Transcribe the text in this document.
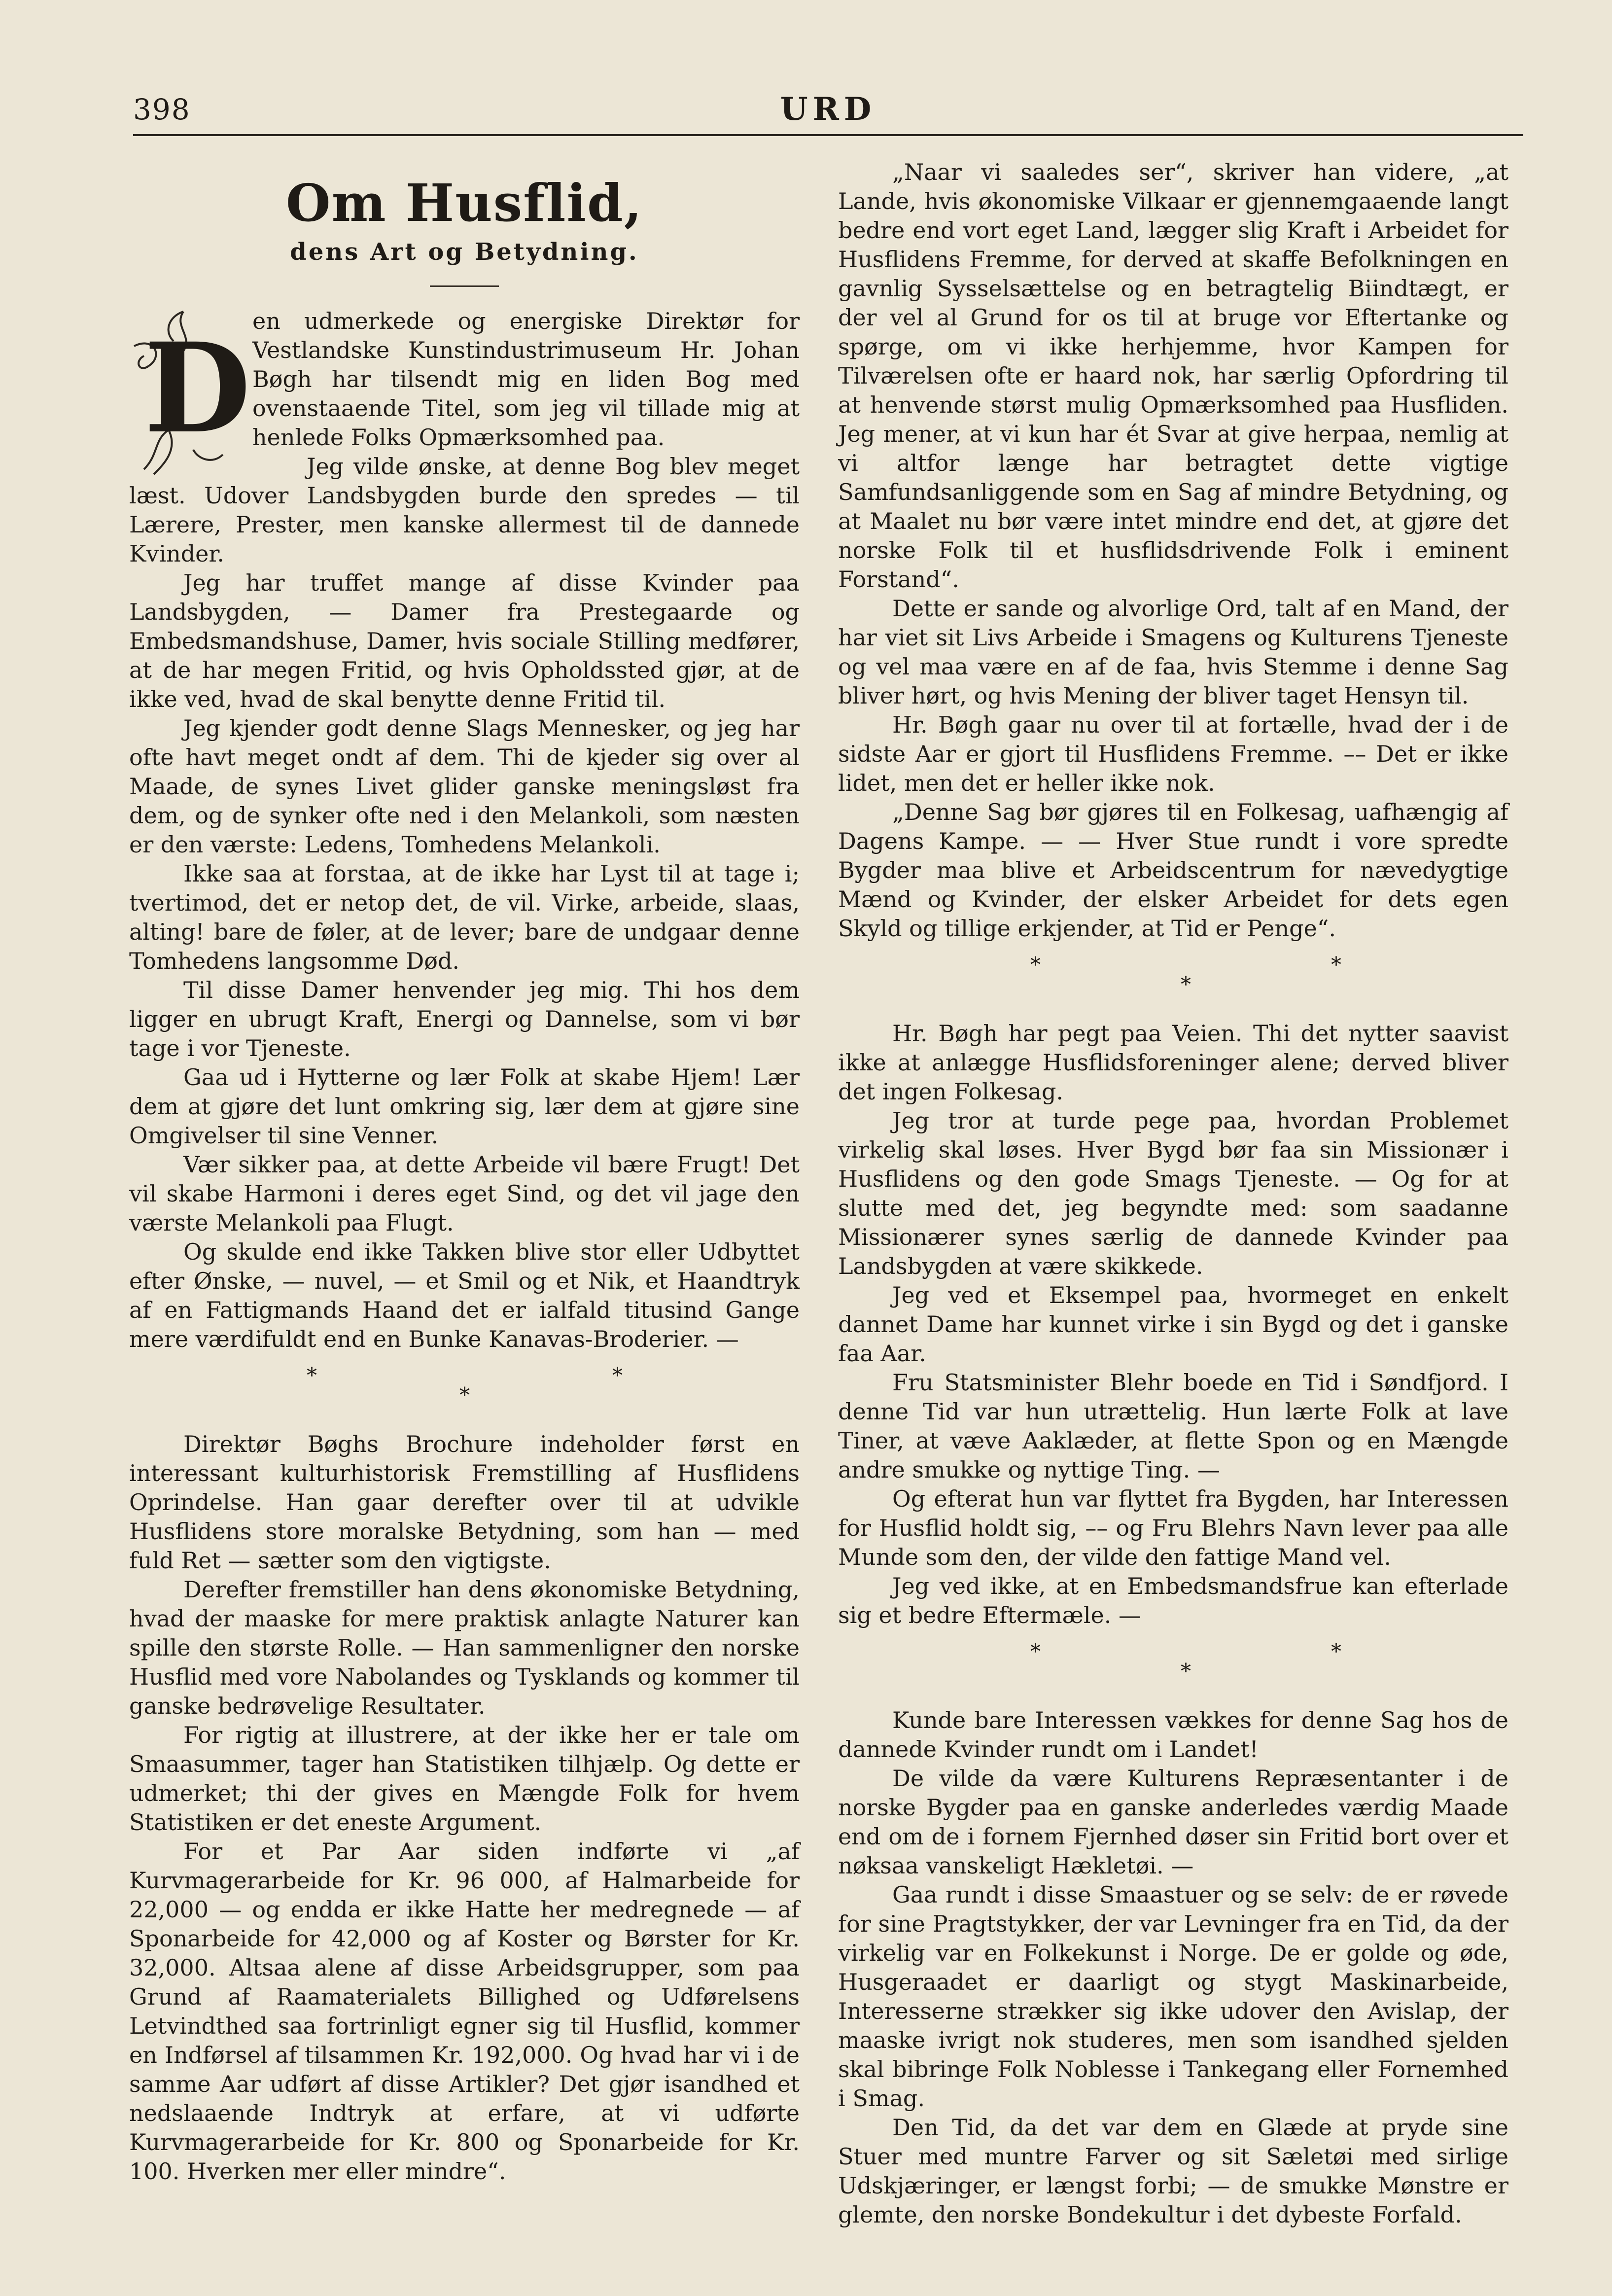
398	URD
Om Husflid,
dens Art og Betydning.
D en udmerkede og energiske Direktør for Vestlandske Kunstindustrimuseum Hr. Johan Bøgh har tilsendt mig en liden Bog med ovenstaaende Titel, som jeg vil tillade mig at henlede Folks Opmærksomhed paa.

Jeg vilde ønske, at denne Bog blev meget læst. Udover Landsbygden burde den spredes — til Lærere, Prester, men kanske allermest til de dannede Kvinder.

Jeg har truffet mange af disse Kvinder paa Landsbygden, — Damer fra Prestegaarde og Embedsmandshuse, Damer, hvis sociale Stilling medfører, at de har megen Fritid, og hvis Opholdssted gjør, at de ikke ved, hvad de skal benytte denne Fritid til.

Jeg kjender godt denne Slags Mennesker, og jeg har ofte havt meget ondt af dem. Thi de kjeder sig over al Maade, de synes Livet glider ganske meningsløst fra dem, og de synker ofte ned i den Melankoli, som næsten er den værste: Ledens, Tomhedens Melankoli.

Ikke saa at forstaa, at de ikke har Lyst til at tage i; tvertimod, det er netop det, de vil. Virke, arbeide, slaas, alting! bare de føler, at de lever; bare de undgaar denne Tomhedens langsomme Død.

Til disse Damer henvender jeg mig. Thi hos dem ligger en ubrugt Kraft, Energi og Dannelse, som vi bør tage i vor Tjeneste.

Gaa ud i Hytterne og lær Folk at skabe Hjem! Lær dem at gjøre det lunt omkring sig, lær dem at gjøre sine Omgivelser til sine Venner.

Vær sikker paa, at dette Arbeide vil bære Frugt! Det vil skabe Harmoni i deres eget Sind, og det vil jage den værste Melankoli paa Flugt.

Og skulde end ikke Takken blive stor eller Udbyttet efter Ønske, — nuvel, — et Smil og et Nik, et Haandtryk af en Fattigmands Haand det er ialfald titusind Gange mere værdifuldt end en Bunke Kanavas-Broderier. —

*	*
*

Direktør Bøghs Brochure indeholder først en interessant kulturhistorisk Fremstilling af Husflidens Oprindelse. Han gaar derefter over til at udvikle Husflidens store moralske Betydning, som han — med fuld Ret — sætter som den vigtigste.

Derefter fremstiller han dens økonomiske Betydning, hvad der maaske for mere praktisk anlagte Naturer kan spille den største Rolle. — Han sammenligner den norske Husflid med vore Nabolandes og Tysklands og kommer til ganske bedrøvelige Resultater.

For rigtig at illustrere, at der ikke her er tale om Smaasummer, tager han Statistiken tilhjælp. Og dette er udmerket; thi der gives en Mængde Folk for hvem Statistiken er det eneste Argument.

For et Par Aar siden indførte vi „af Kurvmagerarbeide for Kr. 96 000, af Halmarbeide for 22,000 — og endda er ikke Hatte her medregnede — af Sponarbeide for 42,000 og af Koster og Børster for Kr. 32,000. Altsaa alene af disse Arbeidsgrupper, som paa Grund af Raamaterialets Billighed og Udførelsens Letvindthed saa fortrinligt egner sig til Husflid, kommer en Indførsel af tilsammen Kr. 192,000. Og hvad har vi i de samme Aar udført af disse Artikler? Det gjør isandhed et nedslaaende Indtryk at erfare, at vi udførte Kurvmagerarbeide for Kr. 800 og Sponarbeide for Kr. 100. Hverken mer eller mindre“.

„Naar vi saaledes ser“, skriver han videre, „at Lande, hvis økonomiske Vilkaar er gjennemgaaende langt bedre end vort eget Land, lægger slig Kraft i Arbeidet for Husflidens Fremme, for derved at skaffe Befolkningen en gavnlig Sysselsættelse og en betragtelig Biindtægt, er der vel al Grund for os til at bruge vor Eftertanke og spørge, om vi ikke herhjemme, hvor Kampen for Tilværelsen ofte er haard nok, har særlig Opfordring til at henvende størst mulig Opmærksomhed paa Husfliden. Jeg mener, at vi kun har ét Svar at give herpaa, nemlig at vi altfor længe har betragtet dette vigtige Samfundsanliggende som en Sag af mindre Betydning, og at Maalet nu bør være intet mindre end det, at gjøre det norske Folk til et husflidsdrivende Folk i eminent Forstand“.

Dette er sande og alvorlige Ord, talt af en Mand, der har viet sit Livs Arbeide i Smagens og Kulturens Tjeneste og vel maa være en af de faa, hvis Stemme i denne Sag bliver hørt, og hvis Mening der bliver taget Hensyn til.

Hr. Bøgh gaar nu over til at fortælle, hvad der i de sidste Aar er gjort til Husflidens Fremme. –– Det er ikke lidet, men det er heller ikke nok.

„Denne Sag bør gjøres til en Folkesag, uafhængig af Dagens Kampe. — — Hver Stue rundt i vore spredte Bygder maa blive et Arbeidscentrum for nævedygtige Mænd og Kvinder, der elsker Arbeidet for dets egen Skyld og tillige erkjender, at Tid er Penge“.

*	*
*

Hr. Bøgh har pegt paa Veien. Thi det nytter saavist ikke at anlægge Husflidsforeninger alene; derved bliver det ingen Folkesag.

Jeg tror at turde pege paa, hvordan Problemet virkelig skal løses. Hver Bygd bør faa sin Missionær i Husflidens og den gode Smags Tjeneste. — Og for at slutte med det, jeg begyndte med: som saadanne Missionærer synes særlig de dannede Kvinder paa Landsbygden at være skikkede.

Jeg ved et Eksempel paa, hvormeget en enkelt dannet Dame har kunnet virke i sin Bygd og det i ganske faa Aar.

Fru Statsminister Blehr boede en Tid i Søndfjord. I denne Tid var hun utrættelig. Hun lærte Folk at lave Tiner, at væve Aaklæder, at flette Spon og en Mængde andre smukke og nyttige Ting. —

Og efterat hun var flyttet fra Bygden, har Interessen for Husflid holdt sig, –– og Fru Blehrs Navn lever paa alle Munde som den, der vilde den fattige Mand vel.

Jeg ved ikke, at en Embedsmandsfrue kan efterlade sig et bedre Eftermæle. —

*	*
*

Kunde bare Interessen vækkes for denne Sag hos de dannede Kvinder rundt om i Landet!

De vilde da være Kulturens Repræsentanter i de norske Bygder paa en ganske anderledes værdig Maade end om de i fornem Fjernhed døser sin Fritid bort over et nøksaa vanskeligt Hækletøi. —

Gaa rundt i disse Smaastuer og se selv: de er røvede for sine Pragtstykker, der var Levninger fra en Tid, da der virkelig var en Folkekunst i Norge. De er golde og øde, Husgeraadet er daarligt og stygt Maskinarbeide, Interesserne strækker sig ikke udover den Avislap, der maaske ivrigt nok studeres, men som isandhed sjelden skal bibringe Folk Noblesse i Tankegang eller Fornemhed i Smag.

Den Tid, da det var dem en Glæde at pryde sine Stuer med muntre Farver og sit Sæletøi med sirlige Udskjæringer, er længst forbi; — de smukke Mønstre er glemte, den norske Bondekultur i det dybeste Forfald.
